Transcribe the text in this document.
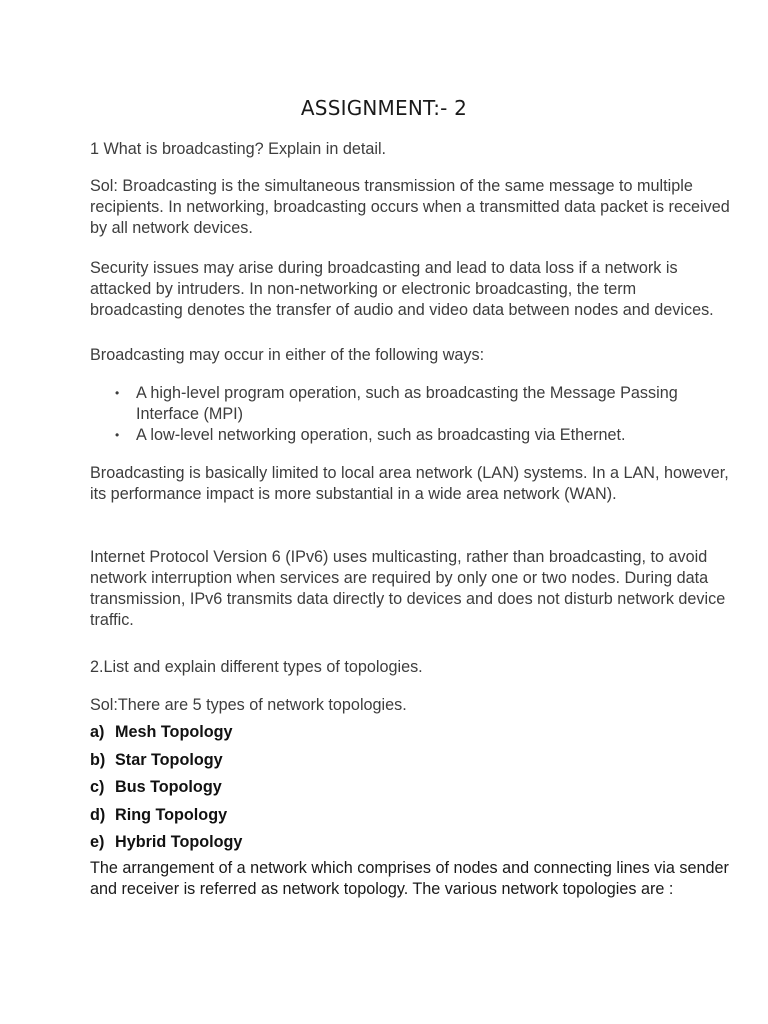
ASSIGNMENT:- 2

1 What is broadcasting? Explain in detail.

Sol: Broadcasting is the simultaneous transmission of the same message to multiple recipients. In networking, broadcasting occurs when a transmitted data packet is received by all network devices.

Security issues may arise during broadcasting and lead to data loss if a network is attacked by intruders. In non-networking or electronic broadcasting, the term broadcasting denotes the transfer of audio and video data between nodes and devices.

Broadcasting may occur in either of the following ways:

• A high-level program operation, such as broadcasting the Message Passing Interface (MPI)
• A low-level networking operation, such as broadcasting via Ethernet.

Broadcasting is basically limited to local area network (LAN) systems. In a LAN, however, its performance impact is more substantial in a wide area network (WAN).

Internet Protocol Version 6 (IPv6) uses multicasting, rather than broadcasting, to avoid network interruption when services are required by only one or two nodes. During data transmission, IPv6 transmits data directly to devices and does not disturb network device traffic.

2.List and explain different types of topologies.

Sol:There are 5 types of network topologies.

a) Mesh Topology
b) Star Topology
c) Bus Topology
d) Ring Topology
e) Hybrid Topology

The arrangement of a network which comprises of nodes and connecting lines via sender and receiver is referred as network topology. The various network topologies are :
